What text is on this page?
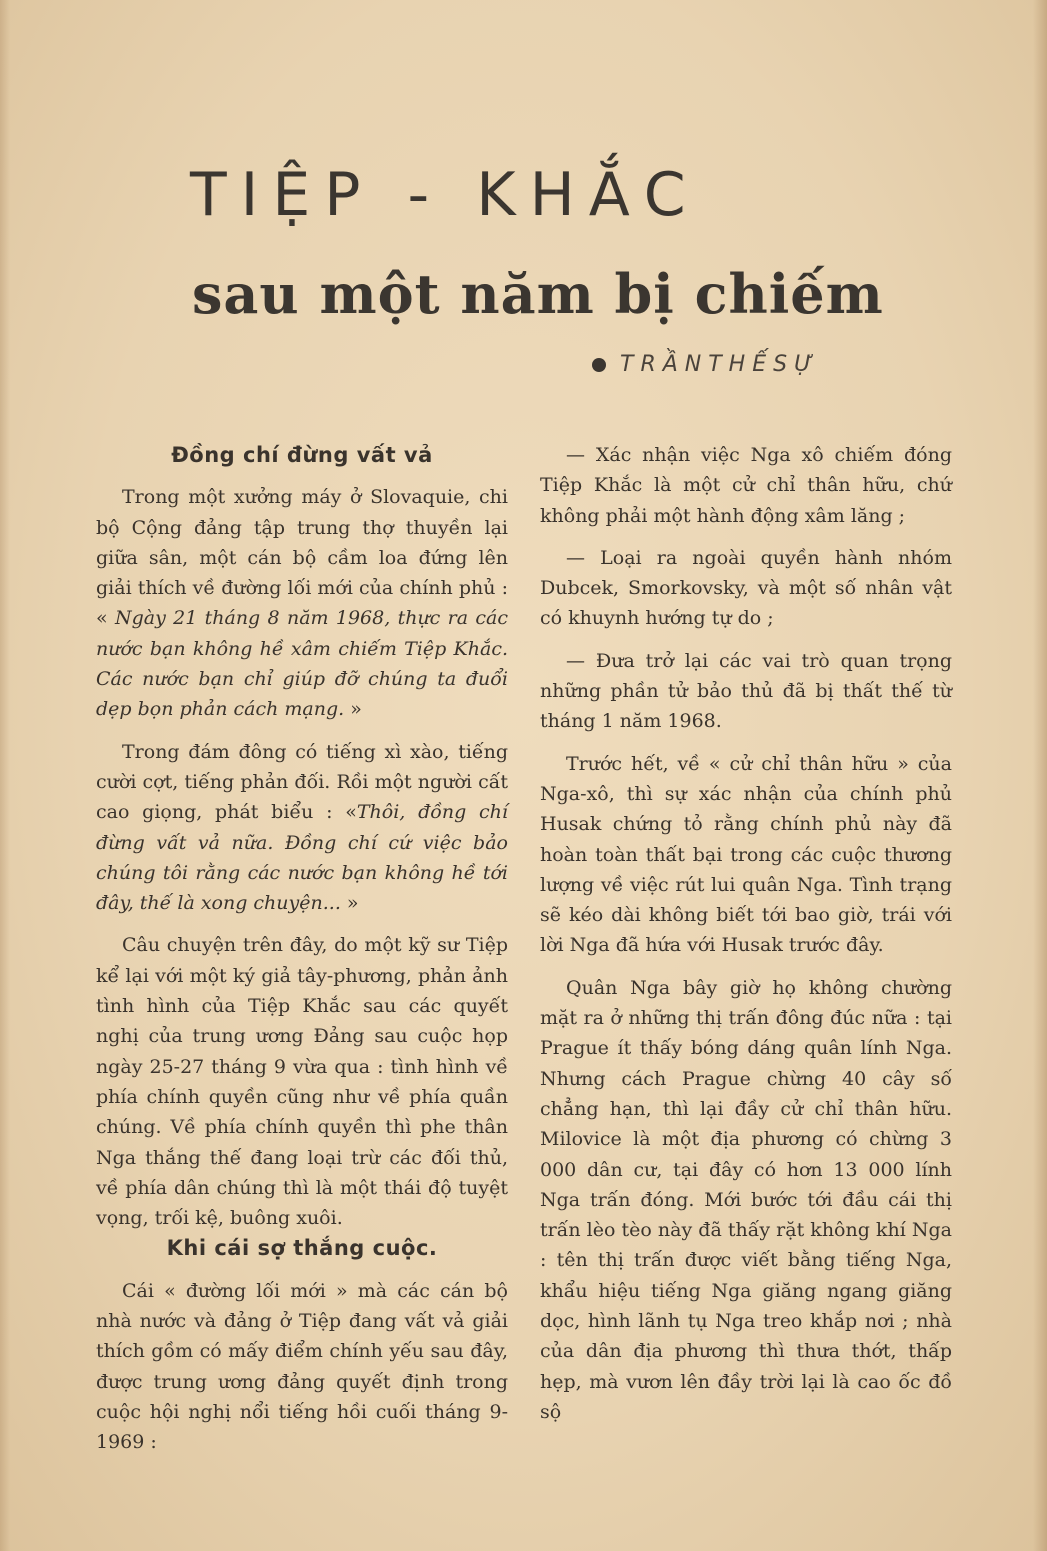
TIỆP - KHẮC
sau một năm bị chiếm
TRẦNTHẾSỰ

Đồng chí đừng vất vả

Trong một xưởng máy ở Slovaquie, chi bộ Cộng đảng tập trung thợ thuyền lại giữa sân, một cán bộ cầm loa đứng lên giải thích về đường lối mới của chính phủ : « Ngày 21 tháng 8 năm 1968, thực ra các nước bạn không hề xâm chiếm Tiệp Khắc. Các nước bạn chỉ giúp đỡ chúng ta đuổi dẹp bọn phản cách mạng. »

Trong đám đông có tiếng xì xào, tiếng cười cợt, tiếng phản đối. Rồi một người cất cao giọng, phát biểu : «Thôi, đồng chí đừng vất vả nữa. Đồng chí cứ việc bảo chúng tôi rằng các nước bạn không hề tới đây, thế là xong chuyện... »

Câu chuyện trên đây, do một kỹ sư Tiệp kể lại với một ký giả tây-phương, phản ảnh tình hình của Tiệp Khắc sau các quyết nghị của trung ương Đảng sau cuộc họp ngày 25-27 tháng 9 vừa qua : tình hình về phía chính quyền cũng như về phía quần chúng. Về phía chính quyền thì phe thân Nga thắng thế đang loại trừ các đối thủ, về phía dân chúng thì là một thái độ tuyệt vọng, trối kệ, buông xuôi.

Khi cái sợ thắng cuộc.

Cái « đường lối mới » mà các cán bộ nhà nước và đảng ở Tiệp đang vất vả giải thích gồm có mấy điểm chính yếu sau đây, được trung ương đảng quyết định trong cuộc hội nghị nổi tiếng hồi cuối tháng 9-1969 :

— Xác nhận việc Nga xô chiếm đóng Tiệp Khắc là một cử chỉ thân hữu, chứ không phải một hành động xâm lăng ;

— Loại ra ngoài quyền hành nhóm Dubcek, Smorkovsky, và một số nhân vật có khuynh hướng tự do ;

— Đưa trở lại các vai trò quan trọng những phần tử bảo thủ đã bị thất thế từ tháng 1 năm 1968.

Trước hết, về « cử chỉ thân hữu » của Nga-xô, thì sự xác nhận của chính phủ Husak chứng tỏ rằng chính phủ này đã hoàn toàn thất bại trong các cuộc thương lượng về việc rút lui quân Nga. Tình trạng sẽ kéo dài không biết tới bao giờ, trái với lời Nga đã hứa với Husak trước đây.

Quân Nga bây giờ họ không chường mặt ra ở những thị trấn đông đúc nữa : tại Prague ít thấy bóng dáng quân lính Nga. Nhưng cách Prague chừng 40 cây số chẳng hạn, thì lại đầy cử chỉ thân hữu. Milovice là một địa phương có chừng 3 000 dân cư, tại đây có hơn 13 000 lính Nga trấn đóng. Mới bước tới đầu cái thị trấn lèo tèo này đã thấy rặt không khí Nga : tên thị trấn được viết bằng tiếng Nga, khẩu hiệu tiếng Nga giăng ngang giăng dọc, hình lãnh tụ Nga treo khắp nơi ; nhà của dân địa phương thì thưa thớt, thấp hẹp, mà vươn lên đầy trời lại là cao ốc đồ sộ
